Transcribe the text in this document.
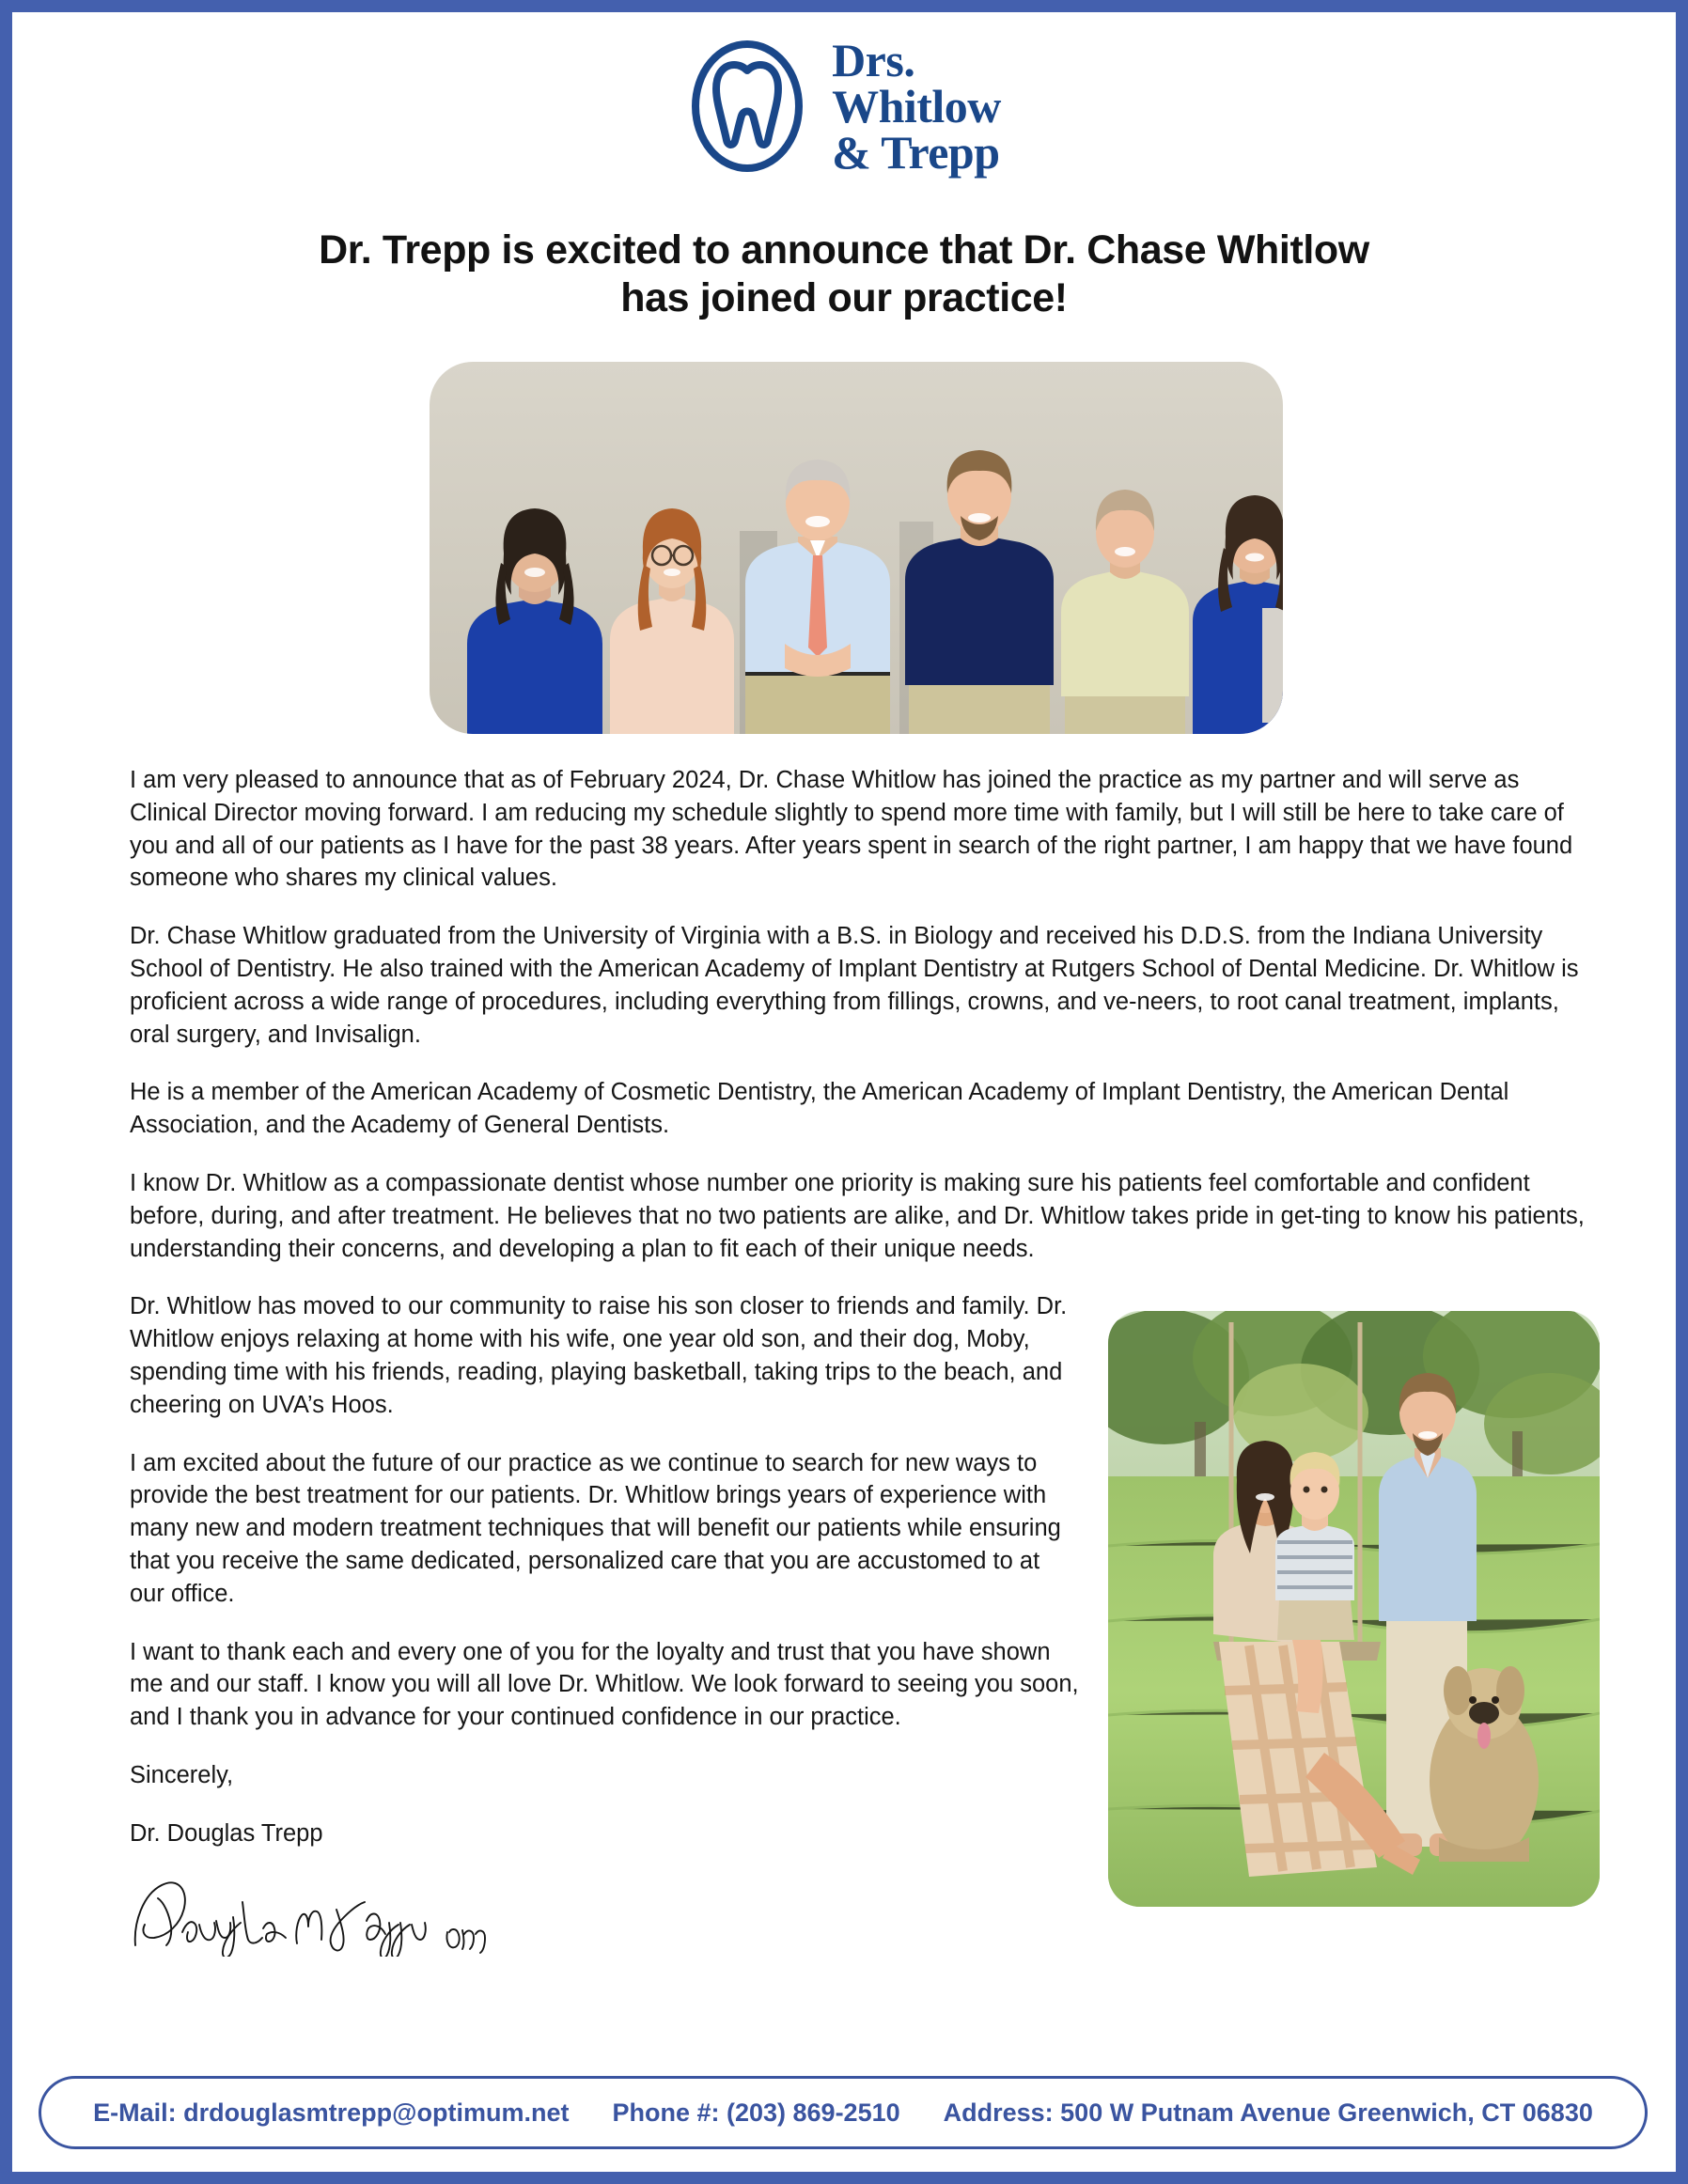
Drs.
Whitlow
& Trepp
Dr. Trepp is excited to announce that Dr. Chase Whitlow
has joined our practice!

I am very pleased to announce that as of February 2024, Dr. Chase Whitlow has joined the practice as my partner and will serve as Clinical Director moving forward. I am reducing my schedule slightly to spend more time with family, but I will still be here to take care of you and all of our patients as I have for the past 38 years. After years spent in search of the right partner, I am happy that we have found someone who shares my clinical values.

Dr. Chase Whitlow graduated from the University of Virginia with a B.S. in Biology and received his D.D.S. from the Indiana University School of Dentistry. He also trained with the American Academy of Implant Dentistry at Rutgers School of Dental Medicine. Dr. Whitlow is proficient across a wide range of procedures, including everything from fillings, crowns, and ve-neers, to root canal treatment, implants, oral surgery, and Invisalign.

He is a member of the American Academy of Cosmetic Dentistry, the American Academy of Implant Dentistry, the American Dental Association, and the Academy of General Dentists.

I know Dr. Whitlow as a compassionate dentist whose number one priority is making sure his patients feel comfortable and confident before, during, and after treatment. He believes that no two patients are alike, and Dr. Whitlow takes pride in get-ting to know his patients, understanding their concerns, and developing a plan to fit each of their unique needs.

Dr. Whitlow has moved to our community to raise his son closer to friends and family. Dr. Whitlow enjoys relaxing at home with his wife, one year old son, and their dog, Moby, spending time with his friends, reading, playing basketball, taking trips to the beach, and cheering on UVA’s Hoos.

I am excited about the future of our practice as we continue to search for new ways to provide the best treatment for our patients. Dr. Whitlow brings years of experience with many new and modern treatment techniques that will benefit our patients while ensuring that you receive the same dedicated, personalized care that you are accustomed to at our office.

I want to thank each and every one of you for the loyalty and trust that you have shown me and our staff. I know you will all love Dr. Whitlow. We look forward to seeing you soon, and I thank you in advance for your continued confidence in our practice.

Sincerely,

Dr. Douglas Trepp

E-Mail: drdouglasmtrepp@optimum.net Phone #: (203) 869-2510 Address: 500 W Putnam Avenue Greenwich, CT 06830
